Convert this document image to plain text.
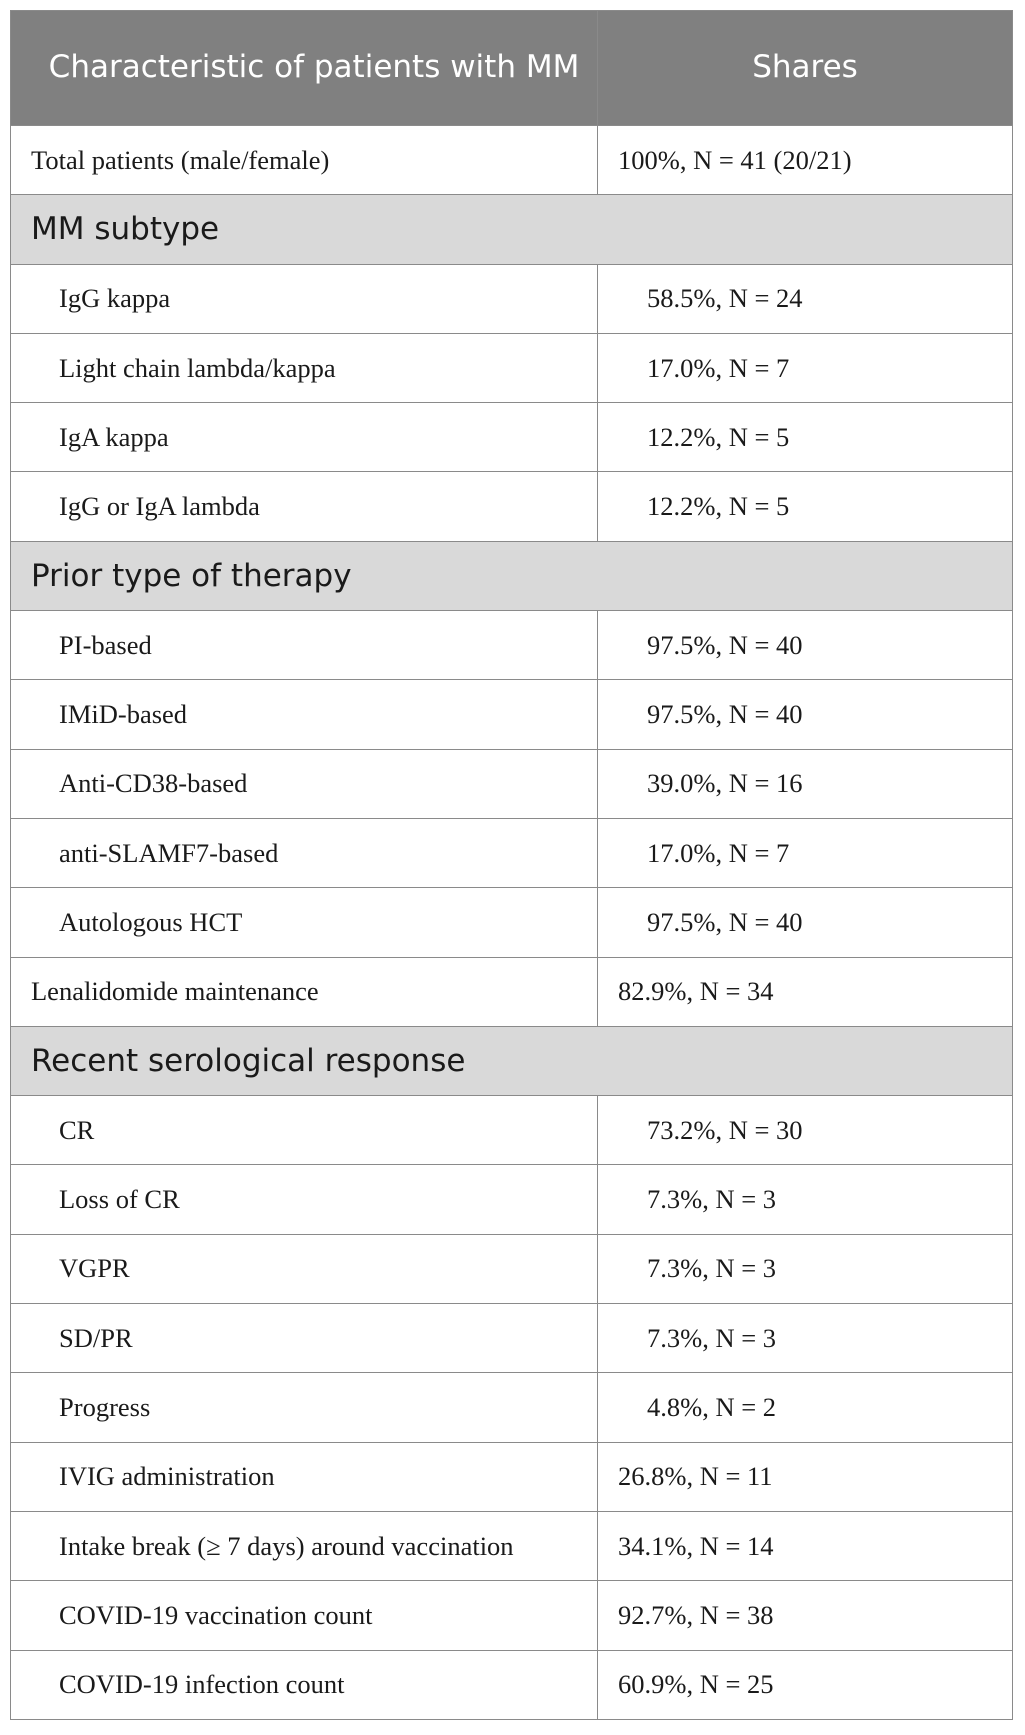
Characteristic of patients with MM	Shares
Total patients (male/female)	100%, N = 41 (20/21)
MM subtype
IgG kappa	58.5%, N = 24
Light chain lambda/kappa	17.0%, N = 7
IgA kappa	12.2%, N = 5
IgG or IgA lambda	12.2%, N = 5
Prior type of therapy
PI-based	97.5%, N = 40
IMiD-based	97.5%, N = 40
Anti-CD38-based	39.0%, N = 16
anti-SLAMF7-based	17.0%, N = 7
Autologous HCT	97.5%, N = 40
Lenalidomide maintenance	82.9%, N = 34
Recent serological response
CR	73.2%, N = 30
Loss of CR	7.3%, N = 3
VGPR	7.3%, N = 3
SD/PR	7.3%, N = 3
Progress	4.8%, N = 2
IVIG administration	26.8%, N = 11
Intake break (≥ 7 days) around vaccination	34.1%, N = 14
COVID-19 vaccination count	92.7%, N = 38
COVID-19 infection count	60.9%, N = 25
